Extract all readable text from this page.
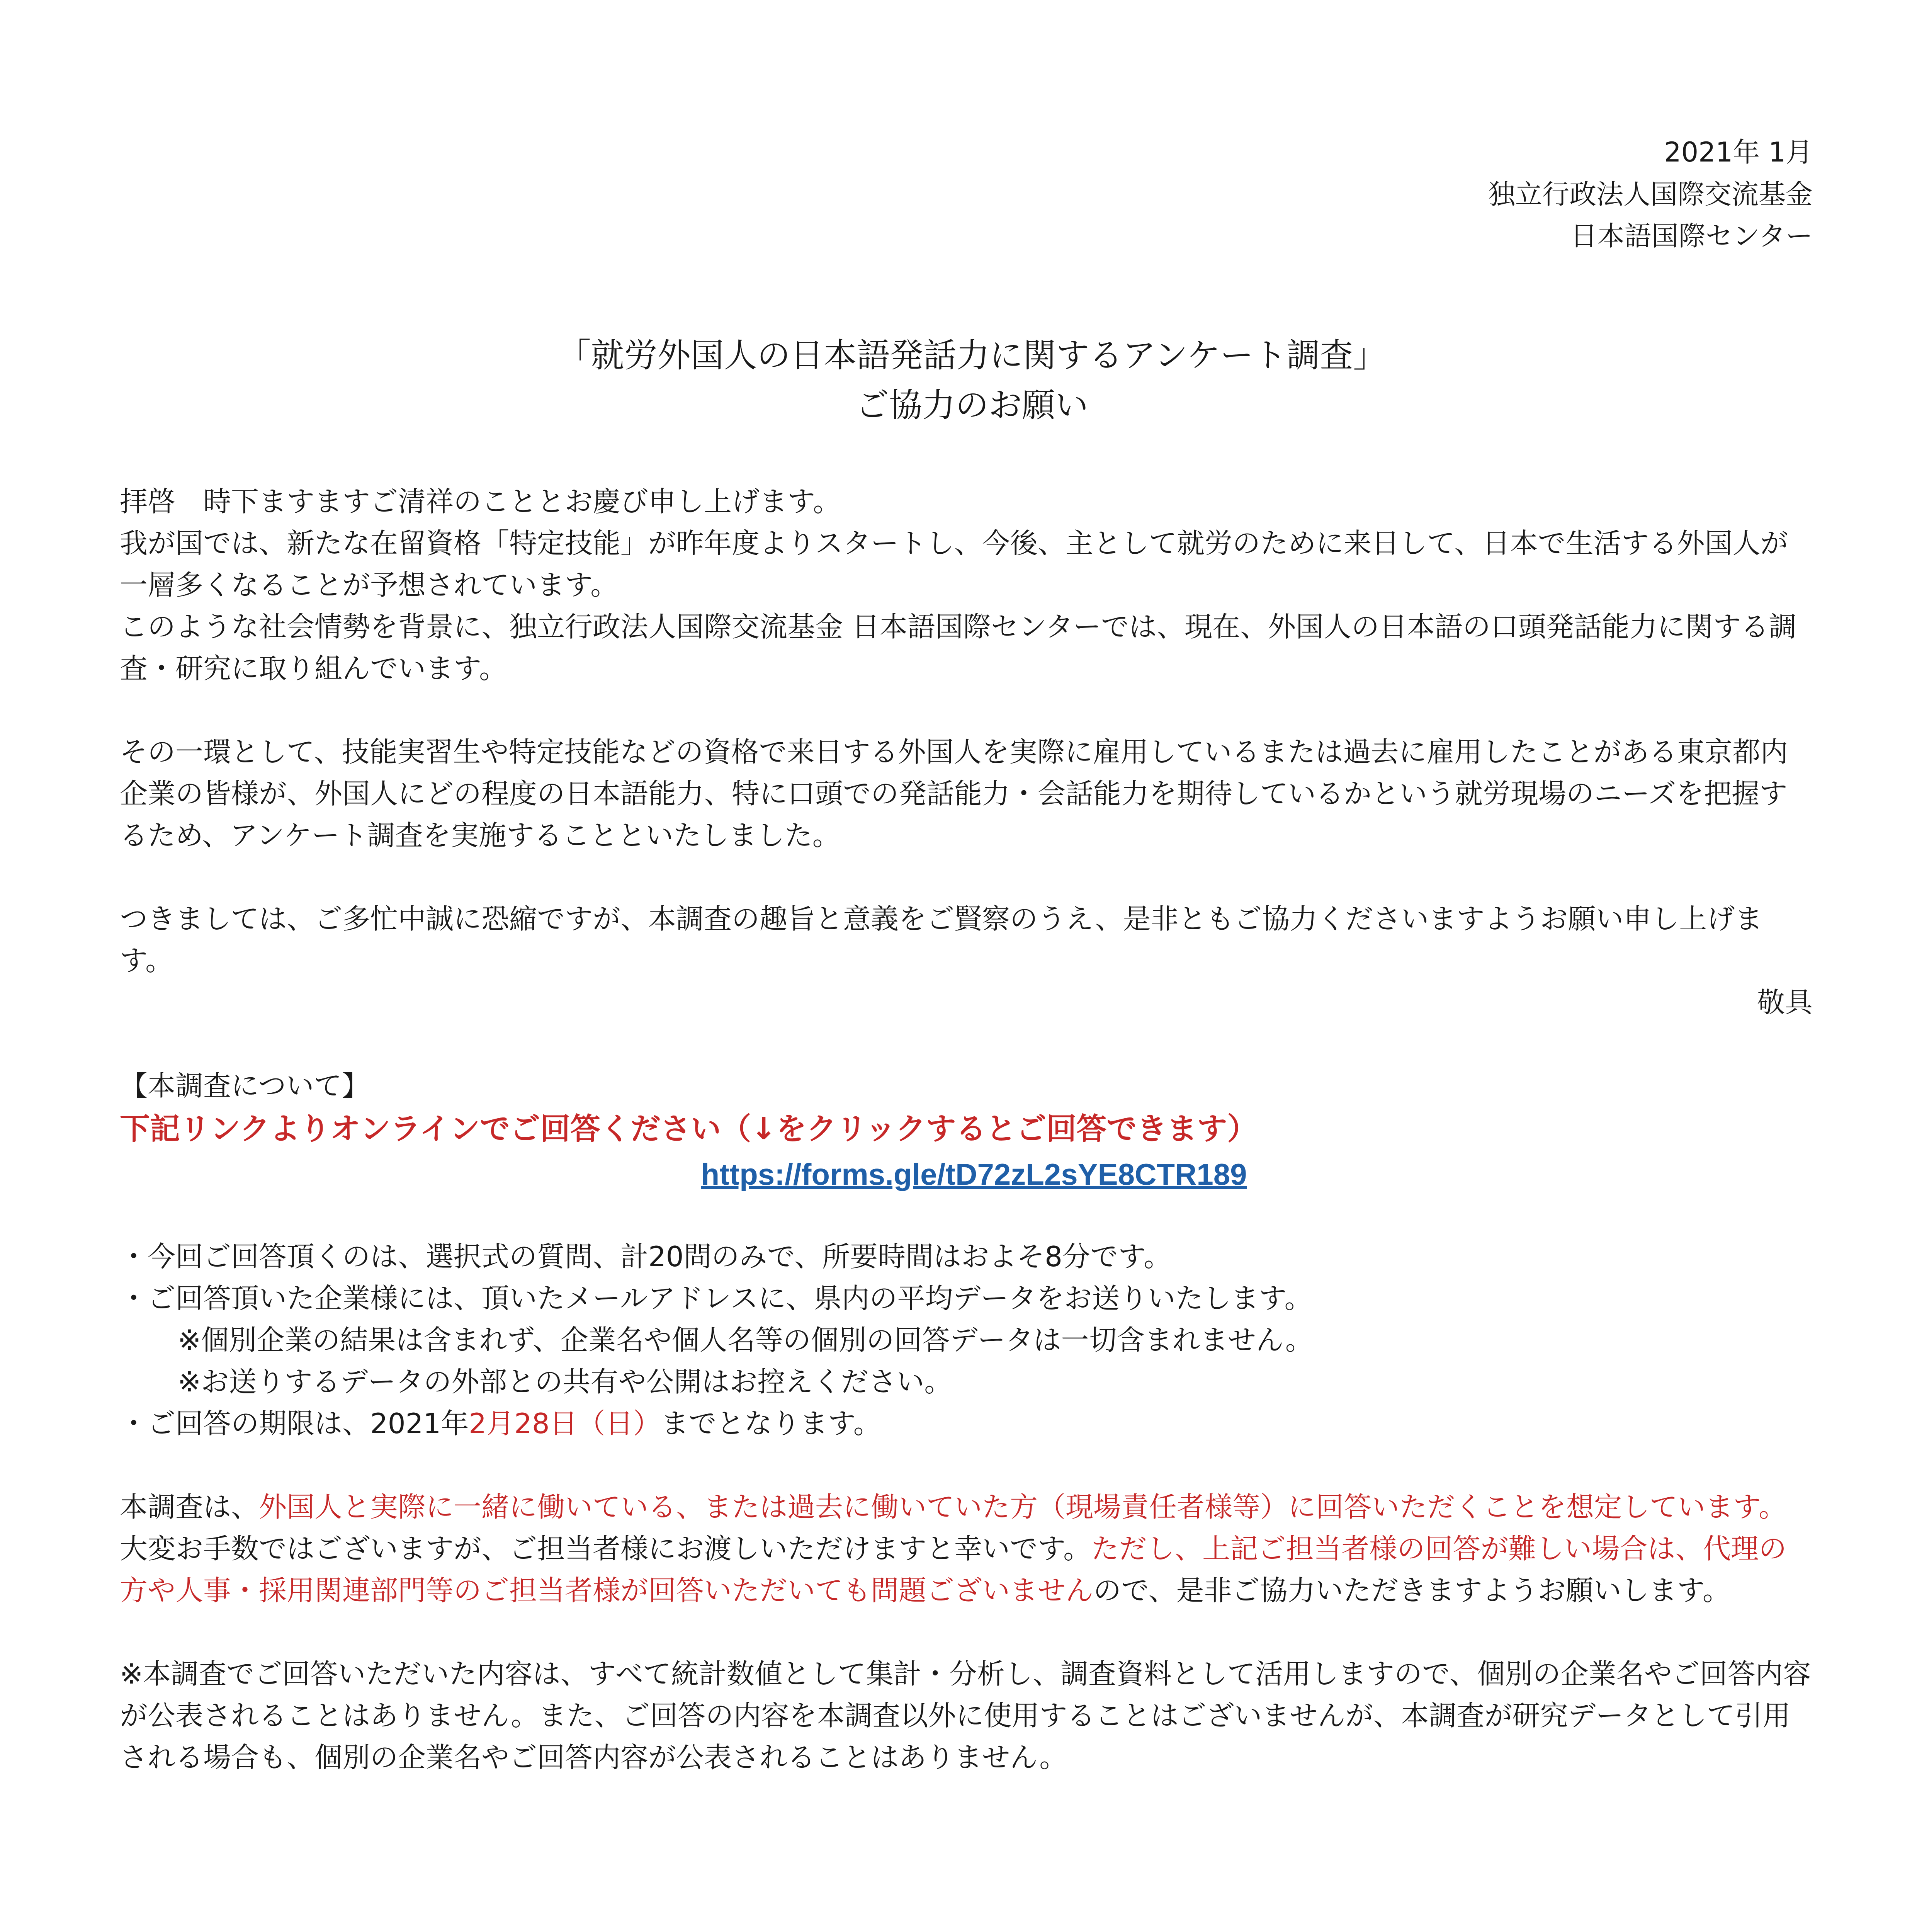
2021年 1月
独立行政法人国際交流基金
日本語国際センター
「就労外国人の日本語発話力に関するアンケート調査」
ご協力のお願い

拝啓　時下ますますご清祥のこととお慶び申し上げます。
我が国では、新たな在留資格「特定技能」が昨年度よりスタートし、今後、主として就労のために来日して、日本で生活する外国人が一層多くなることが予想されています。
このような社会情勢を背景に、独立行政法人国際交流基金 日本語国際センターでは、現在、外国人の日本語の口頭発話能力に関する調査・研究に取り組んでいます。

その一環として、技能実習生や特定技能などの資格で来日する外国人を実際に雇用しているまたは過去に雇用したことがある東京都内企業の皆様が、外国人にどの程度の日本語能力、特に口頭での発話能力・会話能力を期待しているかという就労現場のニーズを把握するため、アンケート調査を実施することといたしました。

つきましては、ご多忙中誠に恐縮ですが、本調査の趣旨と意義をご賢察のうえ、是非ともご協力くださいますようお願い申し上げます。

敬具

【本調査について】

下記リンクよりオンラインでご回答ください（↓をクリックするとご回答できます）

https://forms.gle/tD72zL2sYE8CTR189

・今回ご回答頂くのは、選択式の質問、計20問のみで、所要時間はおよそ8分です。

・ご回答頂いた企業様には、頂いたメールアドレスに、県内の平均データをお送りいたします。

※個別企業の結果は含まれず、企業名や個人名等の個別の回答データは一切含まれません。

※お送りするデータの外部との共有や公開はお控えください。

・ご回答の期限は、2021年2月28日（日）までとなります。

本調査は、外国人と実際に一緒に働いている、または過去に働いていた方（現場責任者様等）に回答いただくことを想定しています。大変お手数ではございますが、ご担当者様にお渡しいただけますと幸いです。ただし、上記ご担当者様の回答が難しい場合は、代理の方や人事・採用関連部門等のご担当者様が回答いただいても問題ございませんので、是非ご協力いただきますようお願いします。

※本調査でご回答いただいた内容は、すべて統計数値として集計・分析し、調査資料として活用しますので、個別の企業名やご回答内容が公表されることはありません。また、ご回答の内容を本調査以外に使用することはございませんが、本調査が研究データとして引用される場合も、個別の企業名やご回答内容が公表されることはありません。
